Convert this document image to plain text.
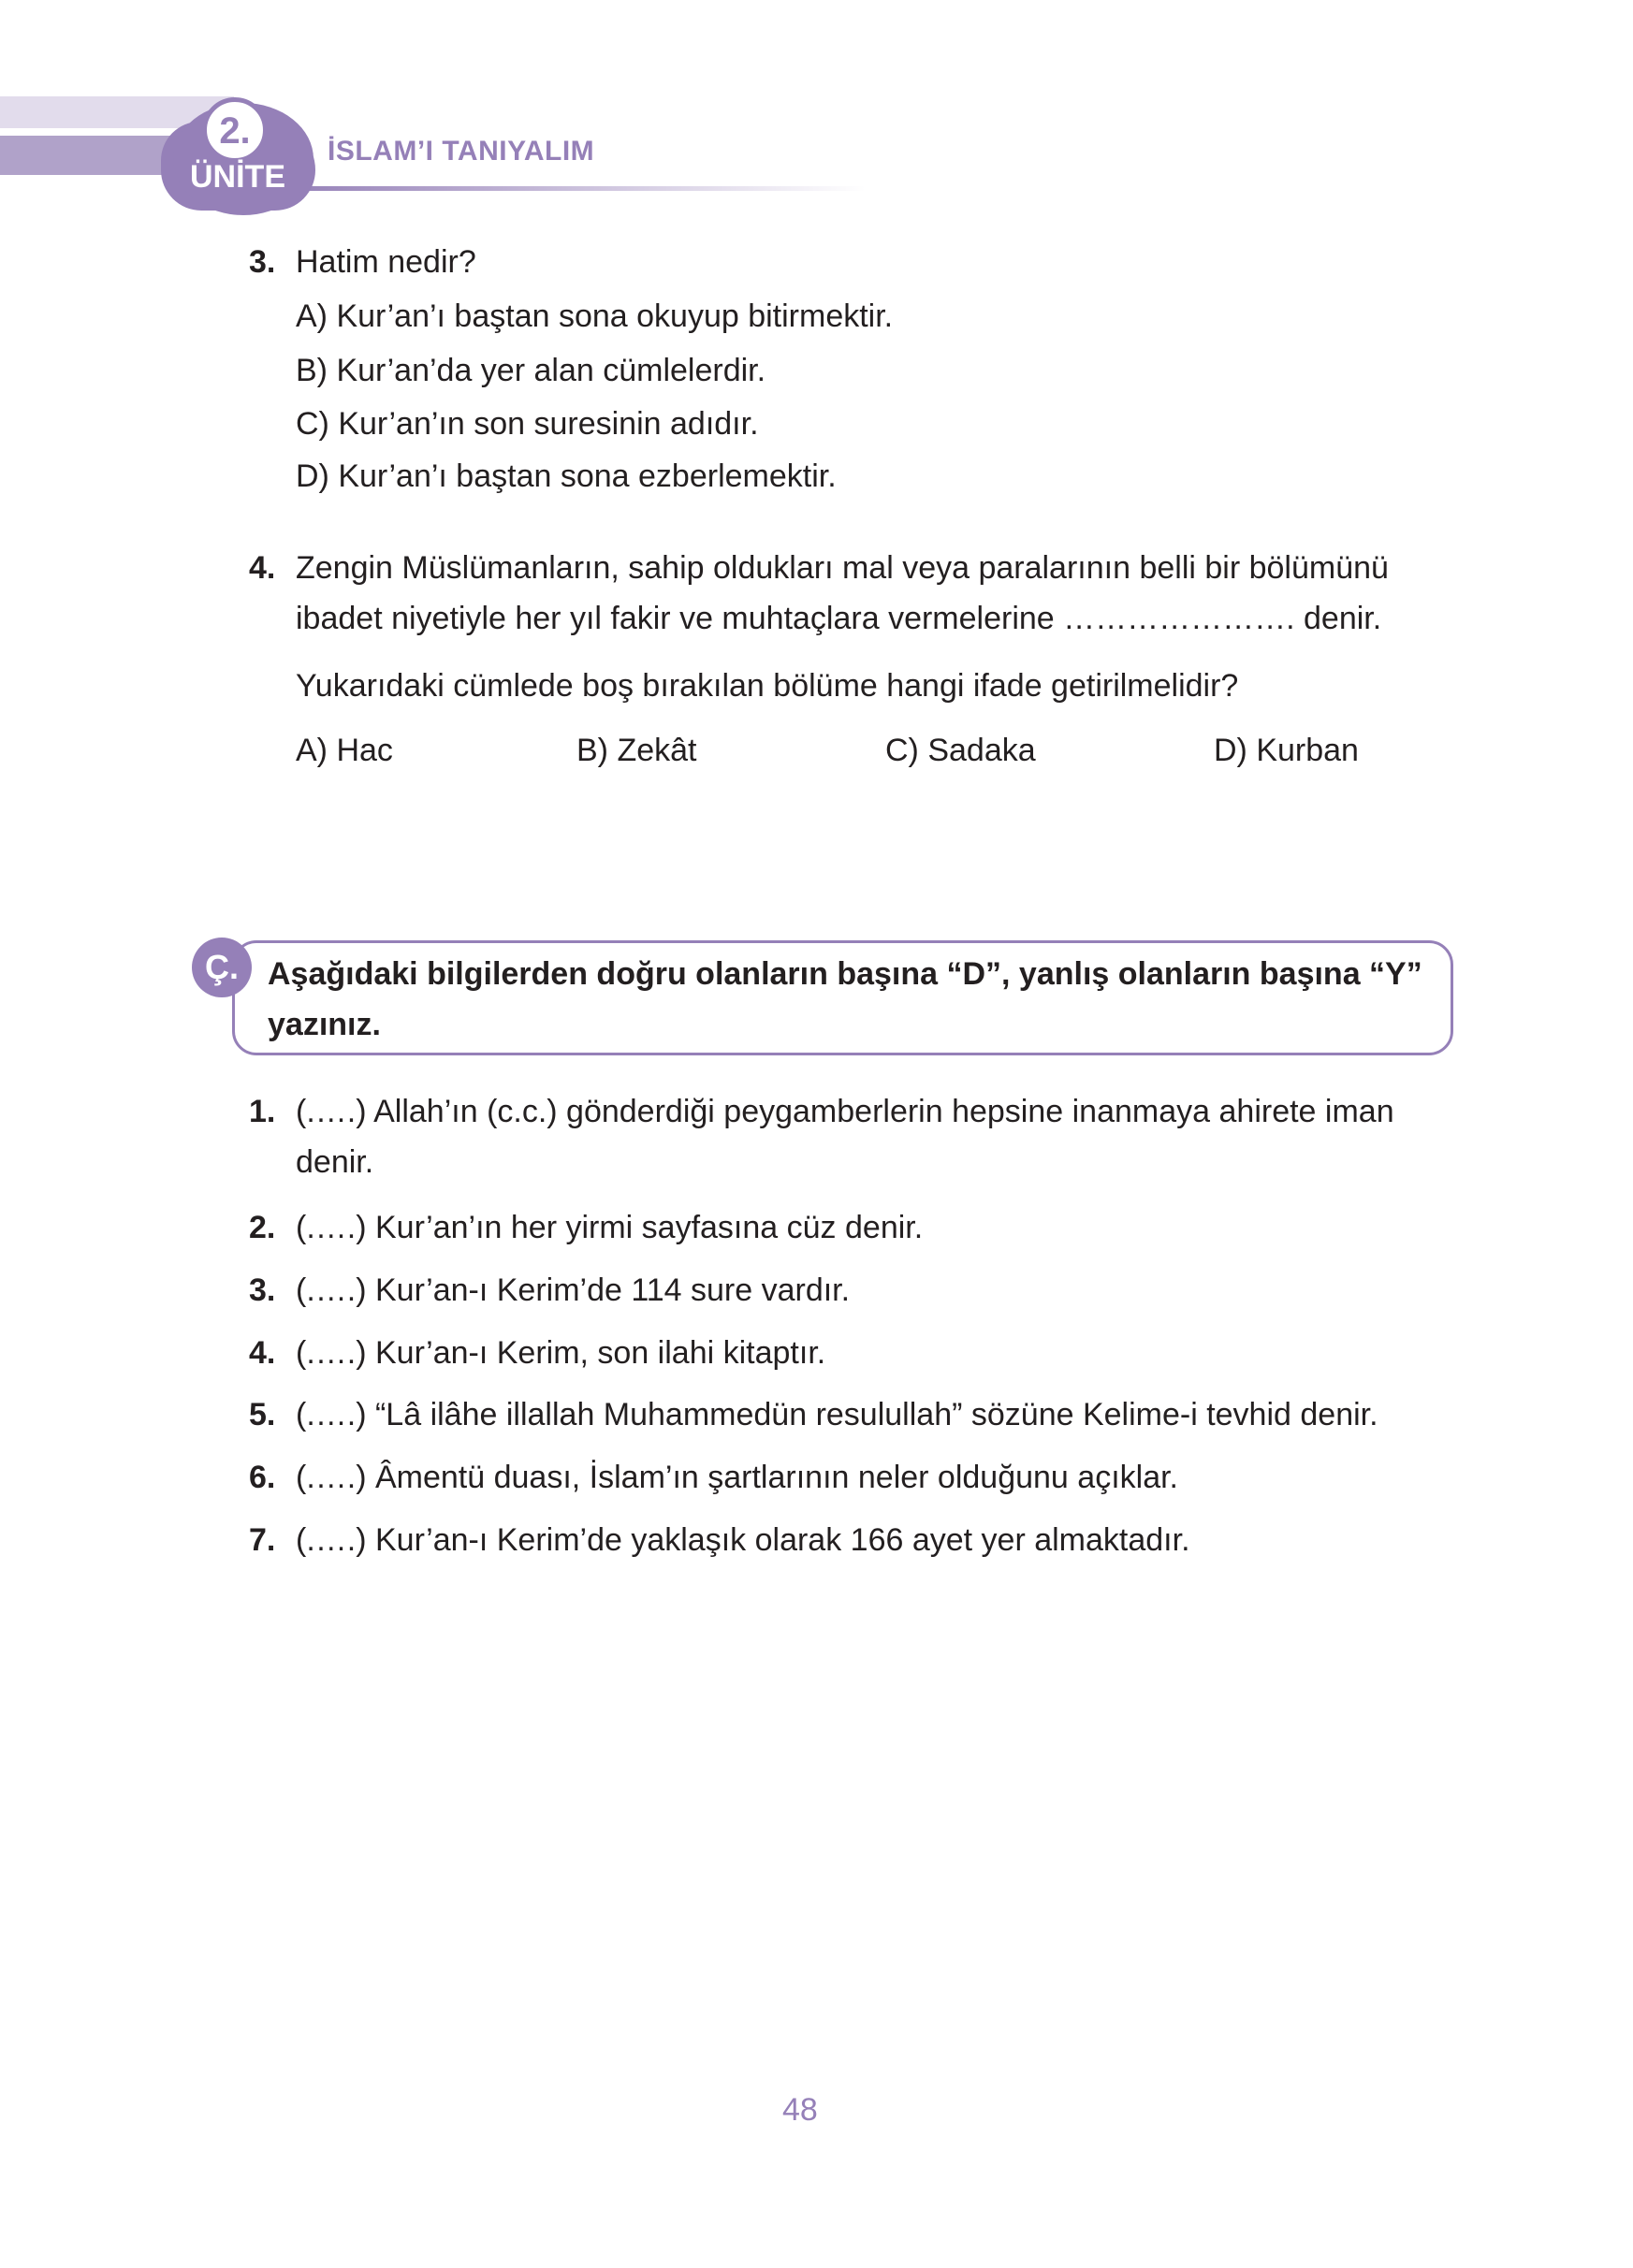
2.
ÜNİTE
İSLAM’I TANIYALIM
3. Hatim nedir?
A) Kur’an’ı baştan sona okuyup bitirmektir.
B) Kur’an’da yer alan cümlelerdir.
C) Kur’an’ın son suresinin adıdır.
D) Kur’an’ı baştan sona ezberlemektir.
4. Zengin Müslümanların, sahip oldukları mal veya paralarının belli bir bölümünü
ibadet niyetiyle her yıl fakir ve muhtaçlara vermelerine …………………. denir.
Yukarıdaki cümlede boş bırakılan bölüme hangi ifade getirilmelidir?
A) Hac	B) Zekât	C) Sadaka	D) Kurban
Ç. Aşağıdaki bilgilerden doğru olanların başına “D”, yanlış olanların başına “Y” yazınız.
1. (.….) Allah’ın (c.c.) gönderdiği peygamberlerin hepsine inanmaya ahirete iman
denir.
2. (.….) Kur’an’ın her yirmi sayfasına cüz denir.
3. (.….) Kur’an-ı Kerim’de 114 sure vardır.
4. (.….) Kur’an-ı Kerim, son ilahi kitaptır.
5. (.….) “Lâ ilâhe illallah Muhammedün resulullah” sözüne Kelime-i tevhid denir.
6. (.….) Âmentü duası, İslam’ın şartlarının neler olduğunu açıklar.
7. (.….) Kur’an-ı Kerim’de yaklaşık olarak 166 ayet yer almaktadır.
48
